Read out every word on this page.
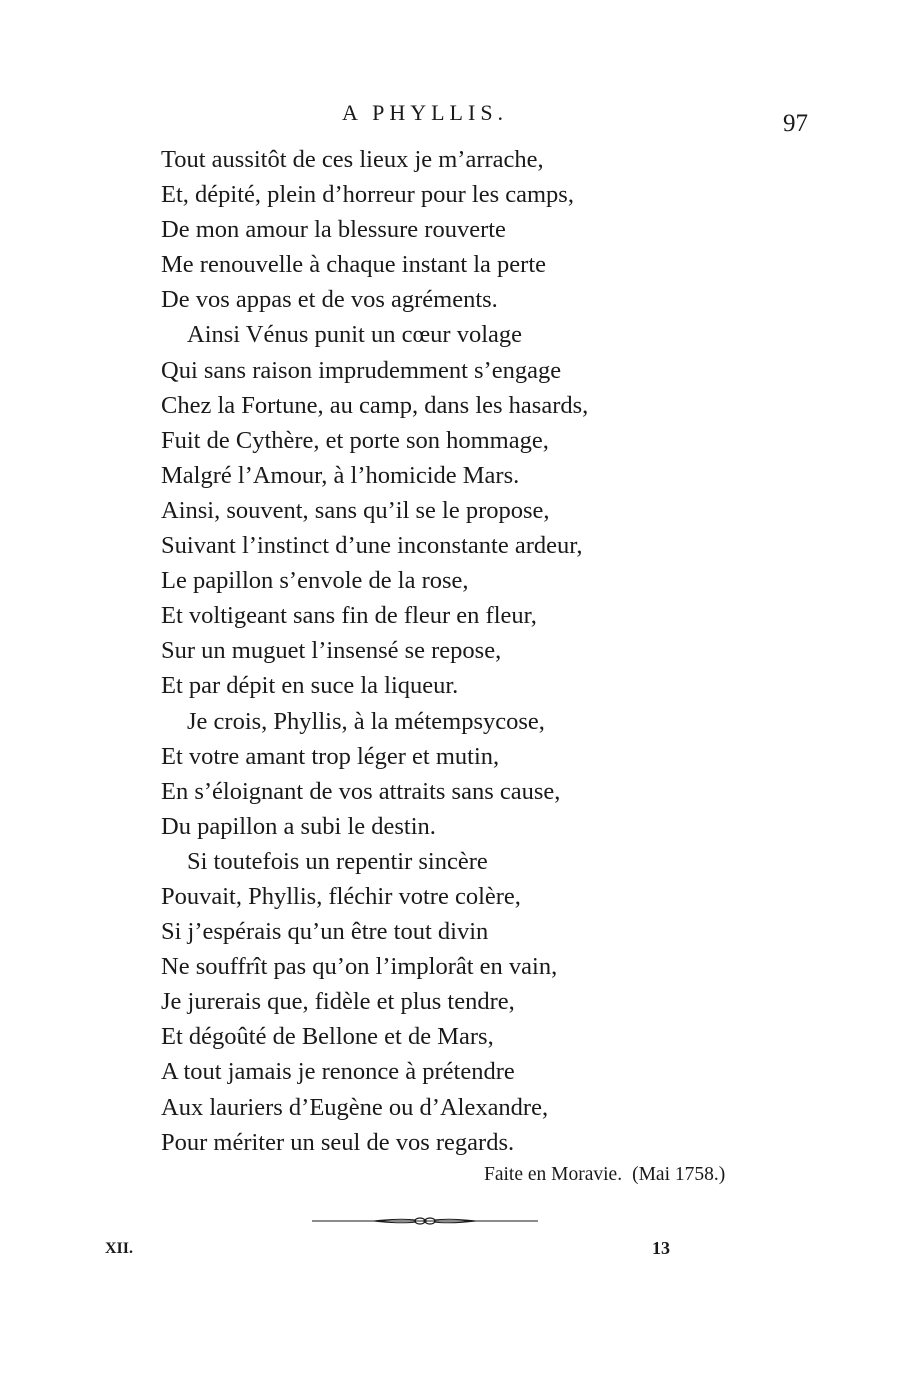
A PHYLLIS.	97
Tout aussitôt de ces lieux je m’arrache,
Et, dépité, plein d’horreur pour les camps,
De mon amour la blessure rouverte
Me renouvelle à chaque instant la perte
De vos appas et de vos agréments.
Ainsi Vénus punit un cœur volage
Qui sans raison imprudemment s’engage
Chez la Fortune, au camp, dans les hasards,
Fuit de Cythère, et porte son hommage,
Malgré l’Amour, à l’homicide Mars.
Ainsi, souvent, sans qu’il se le propose,
Suivant l’instinct d’une inconstante ardeur,
Le papillon s’envole de la rose,
Et voltigeant sans fin de fleur en fleur,
Sur un muguet l’insensé se repose,
Et par dépit en suce la liqueur.
Je crois, Phyllis, à la métempsycose,
Et votre amant trop léger et mutin,
En s’éloignant de vos attraits sans cause,
Du papillon a subi le destin.
Si toutefois un repentir sincère
Pouvait, Phyllis, fléchir votre colère,
Si j’espérais qu’un être tout divin
Ne souffrît pas qu’on l’implorât en vain,
Je jurerais que, fidèle et plus tendre,
Et dégoûté de Bellone et de Mars,
A tout jamais je renonce à prétendre
Aux lauriers d’Eugène ou d’Alexandre,
Pour mériter un seul de vos regards.
Faite en Moravie. (Mai 1758.)
XII.	13
